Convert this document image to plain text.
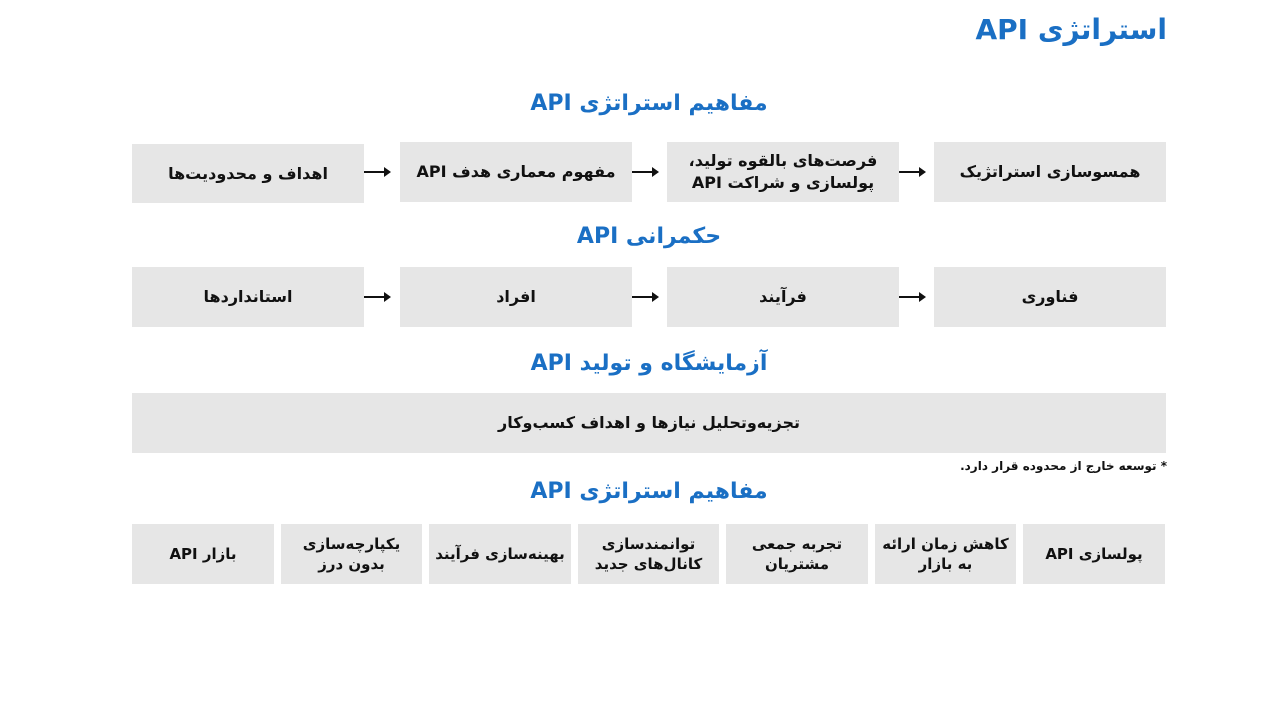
استراتژی API
مفاهیم استراتژی API
همسوسازی استراتژیک
فرصت‌های بالقوه تولید، پولسازی و شراکت API
مفهوم معماری هدف API
اهداف و محدودیت‌ها
حکمرانی API
فناوری
فرآیند
افراد
استانداردها
آزمایشگاه و تولید API
تجزیه‌وتحلیل نیازها و اهداف کسب‌وکار
* توسعه خارج از محدوده قرار دارد.
مفاهیم استراتژی API
پولسازی API
کاهش زمان ارائه به بازار
تجربه جمعی مشتریان
توانمندسازی کانال‌های جدید
بهینه‌سازی فرآیند
یکپارچه‌سازی بدون درز
بازار API
